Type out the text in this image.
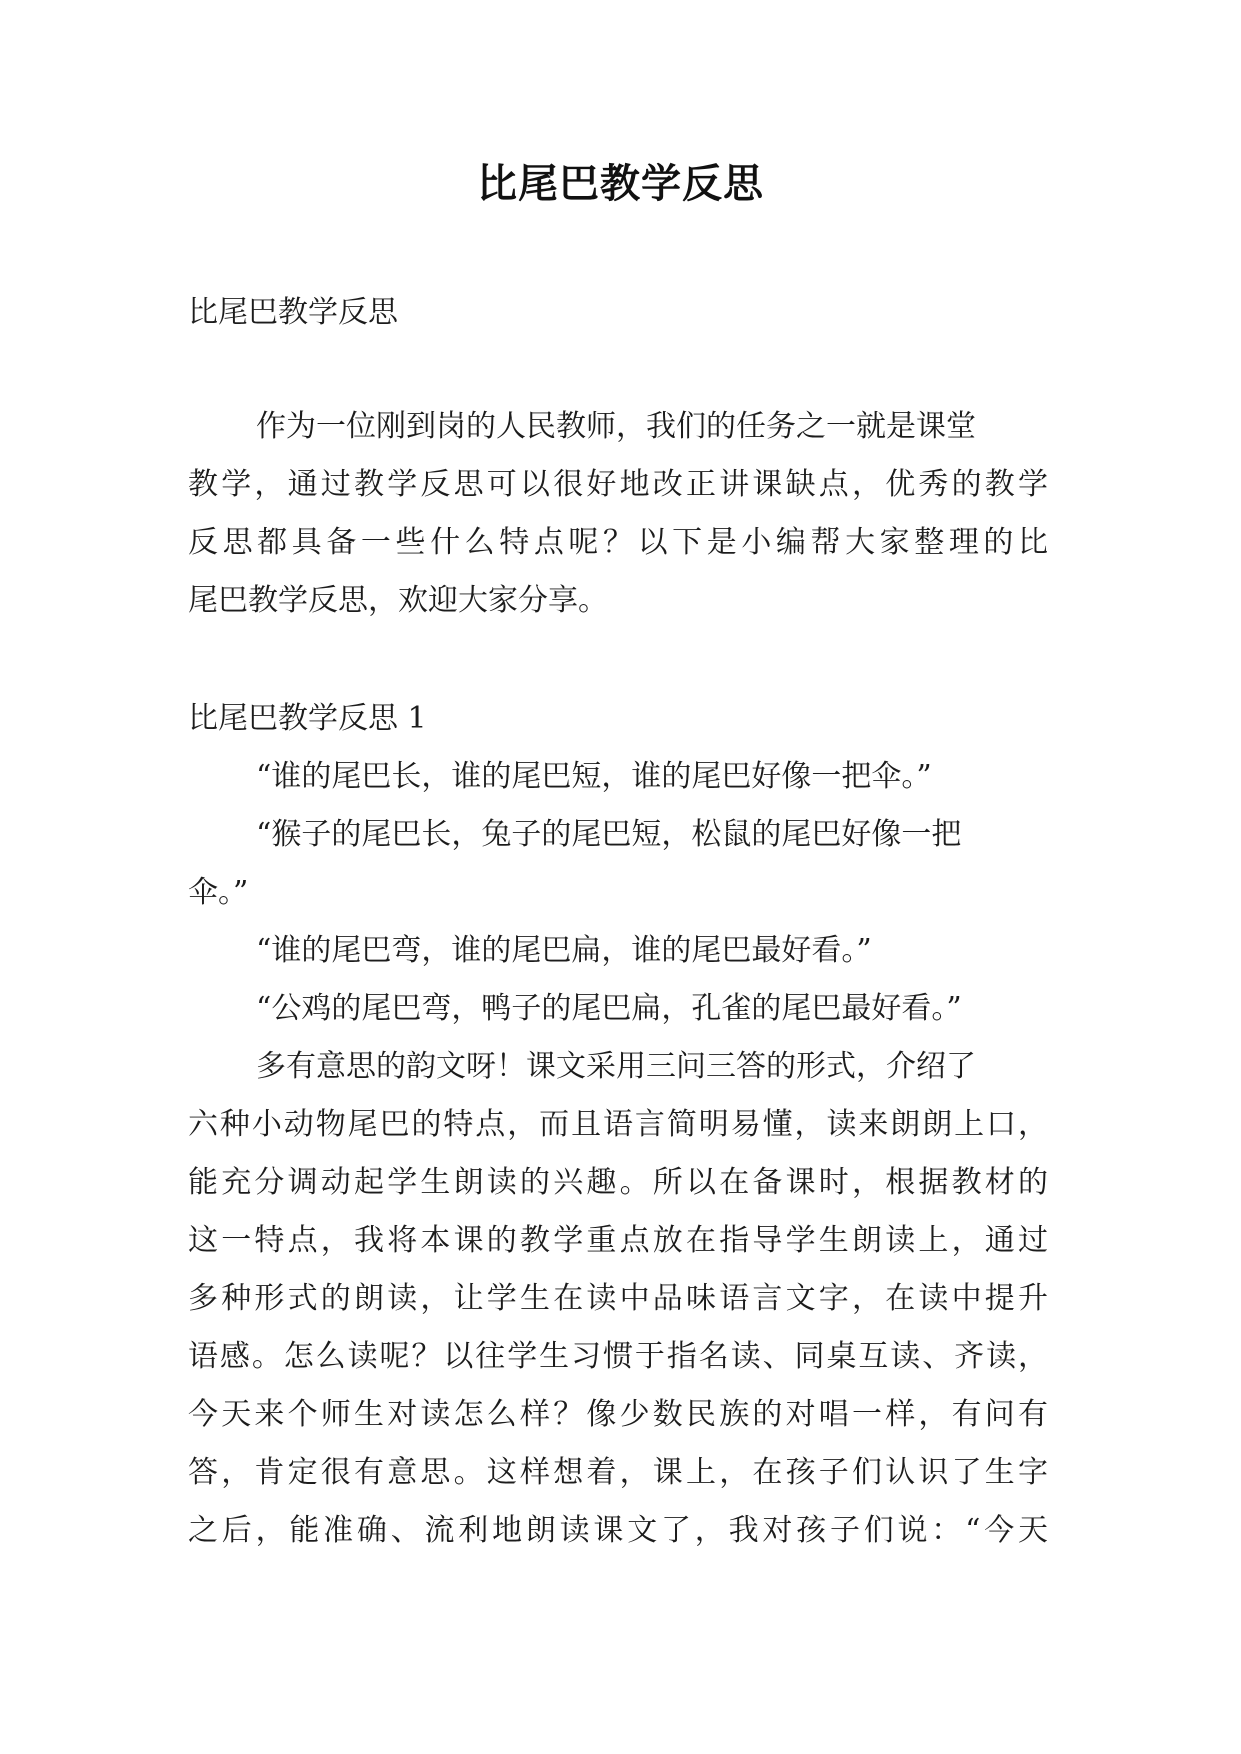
比尾巴教学反思

比尾巴教学反思

作为一位刚到岗的人民教师，我们的任务之一就是课堂

教学，通过教学反思可以很好地改正讲课缺点，优秀的教学

反思都具备一些什么特点呢？以下是小编帮大家整理的比

尾巴教学反思，欢迎大家分享。

比尾巴教学反思 1

“谁的尾巴长，谁的尾巴短，谁的尾巴好像一把伞。”

“猴子的尾巴长，兔子的尾巴短，松鼠的尾巴好像一把

伞。”

“谁的尾巴弯，谁的尾巴扁，谁的尾巴最好看。”

“公鸡的尾巴弯，鸭子的尾巴扁，孔雀的尾巴最好看。”

多有意思的韵文呀！课文采用三问三答的形式，介绍了

六种小动物尾巴的特点，而且语言简明易懂，读来朗朗上口，

能充分调动起学生朗读的兴趣。所以在备课时，根据教材的

这一特点，我将本课的教学重点放在指导学生朗读上，通过

多种形式的朗读，让学生在读中品味语言文字，在读中提升

语感。怎么读呢？以往学生习惯于指名读、同桌互读、齐读，

今天来个师生对读怎么样？像少数民族的对唱一样，有问有

答，肯定很有意思。这样想着，课上，在孩子们认识了生字

之后，能准确、流利地朗读课文了，我对孩子们说：“今天
